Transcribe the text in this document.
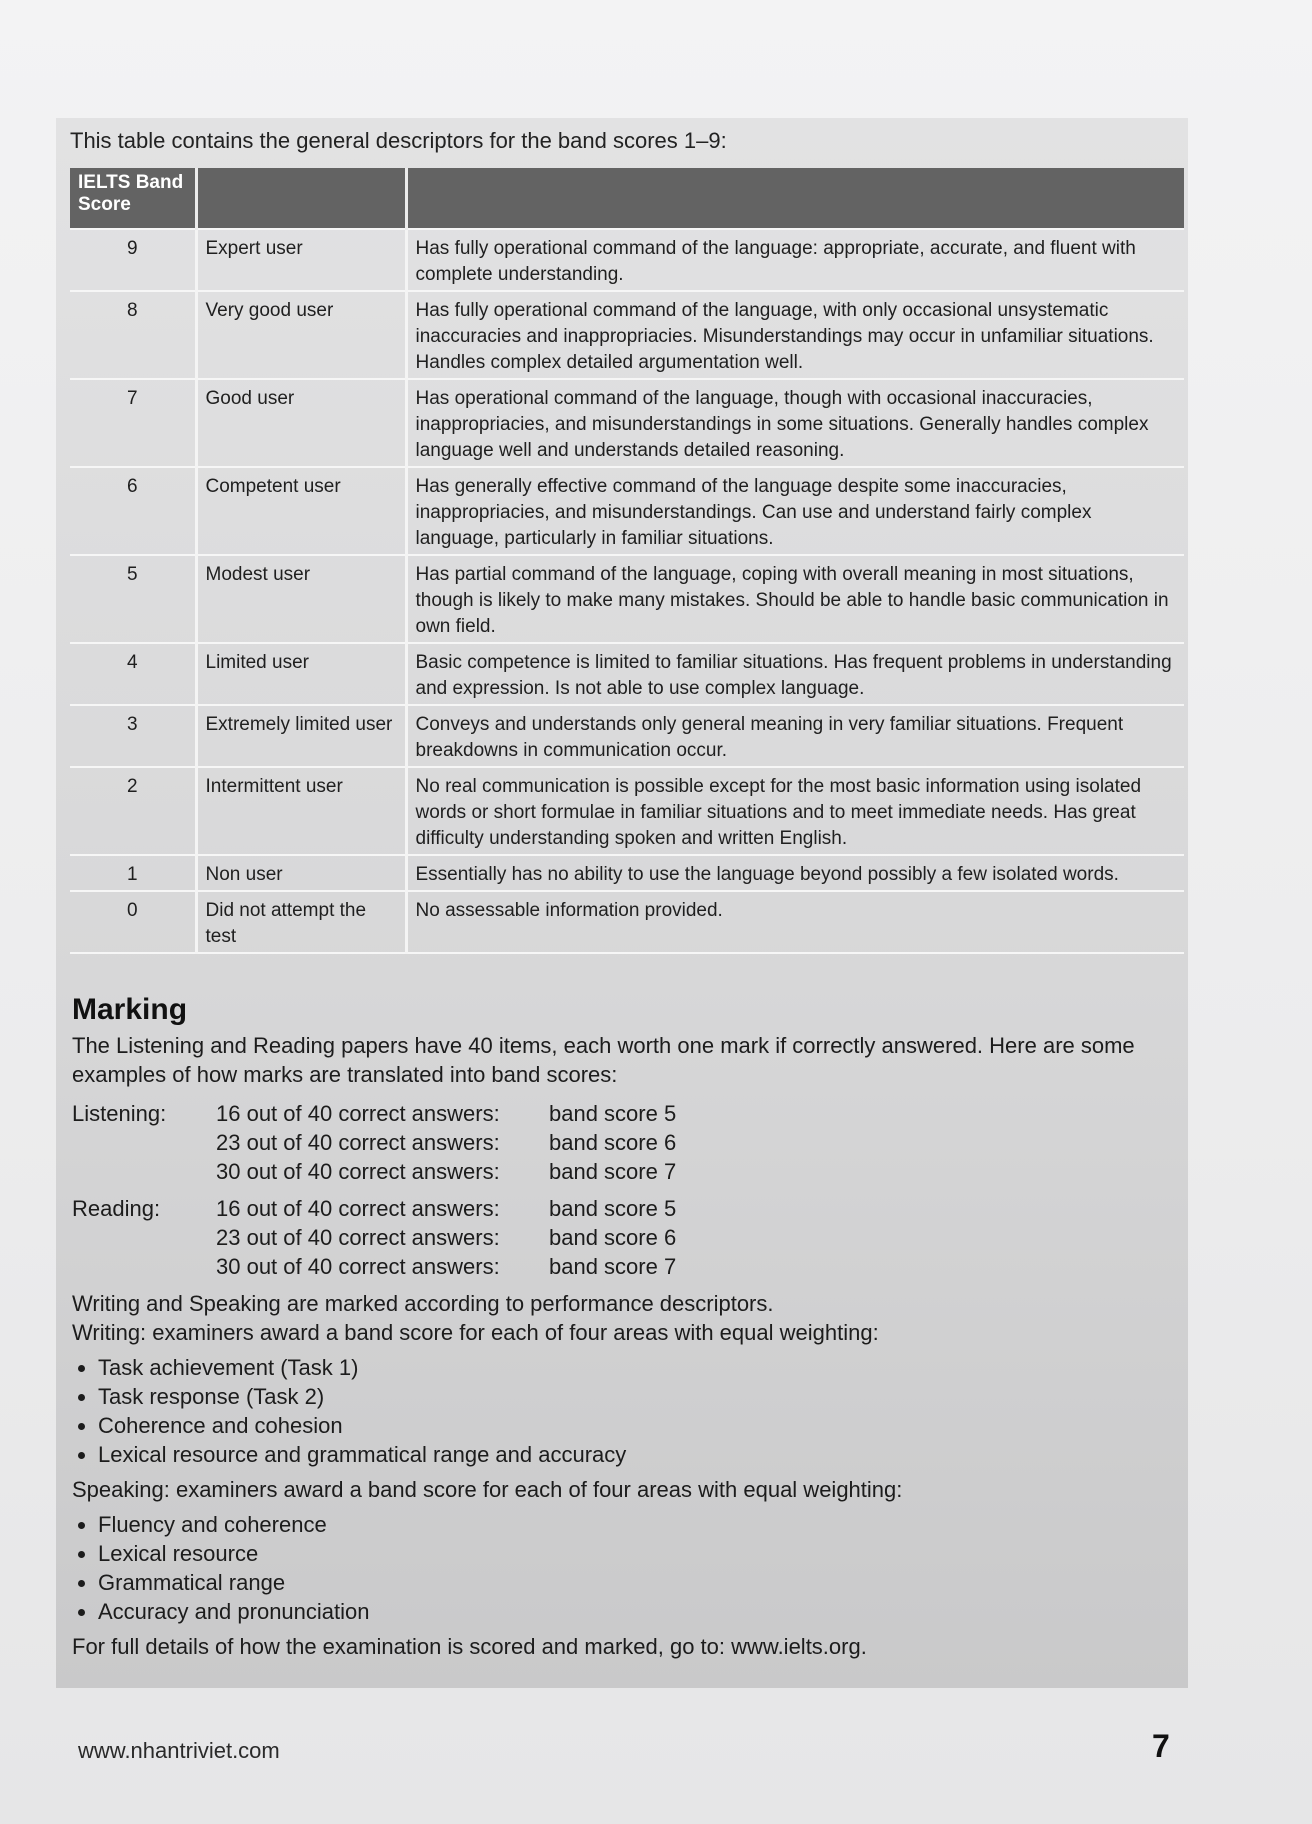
This table contains the general descriptors for the band scores 1–9:
IELTS Band Score		
9	Expert user	Has fully operational command of the language: appropriate, accurate, and fluent with complete understanding.
8	Very good user	Has fully operational command of the language, with only occasional unsystematic inaccuracies and inappropriacies. Misunderstandings may occur in unfamiliar situations. Handles complex detailed argumentation well.
7	Good user	Has operational command of the language, though with occasional inaccuracies, inappropriacies, and misunderstandings in some situations. Generally handles complex language well and understands detailed reasoning.
6	Competent user	Has generally effective command of the language despite some inaccuracies, inappropriacies, and misunderstandings. Can use and understand fairly complex language, particularly in familiar situations.
5	Modest user	Has partial command of the language, coping with overall meaning in most situations, though is likely to make many mistakes. Should be able to handle basic communication in own field.
4	Limited user	Basic competence is limited to familiar situations. Has frequent problems in understanding and expression. Is not able to use complex language.
3	Extremely limited user	Conveys and understands only general meaning in very familiar situations. Frequent breakdowns in communication occur.
2	Intermittent user	No real communication is possible except for the most basic information using isolated words or short formulae in familiar situations and to meet immediate needs. Has great difficulty understanding spoken and written English.
1	Non user	Essentially has no ability to use the language beyond possibly a few isolated words.
0	Did not attempt the test	No assessable information provided.
Marking

The Listening and Reading papers have 40 items, each worth one mark if correctly answered. Here are some examples of how marks are translated into band scores:

Listening:	16 out of 40 correct answers:	band score 5
23 out of 40 correct answers:	band score 6
30 out of 40 correct answers:	band score 7
Reading:	16 out of 40 correct answers:	band score 5
23 out of 40 correct answers:	band score 6
30 out of 40 correct answers:	band score 7

Writing and Speaking are marked according to performance descriptors.

Writing: examiners award a band score for each of four areas with equal weighting:

• Task achievement (Task 1)
• Task response (Task 2)
• Coherence and cohesion
• Lexical resource and grammatical range and accuracy

Speaking: examiners award a band score for each of four areas with equal weighting:

• Fluency and coherence
• Lexical resource
• Grammatical range
• Accuracy and pronunciation

For full details of how the examination is scored and marked, go to: www.ielts.org.

www.nhantriviet.com	7
